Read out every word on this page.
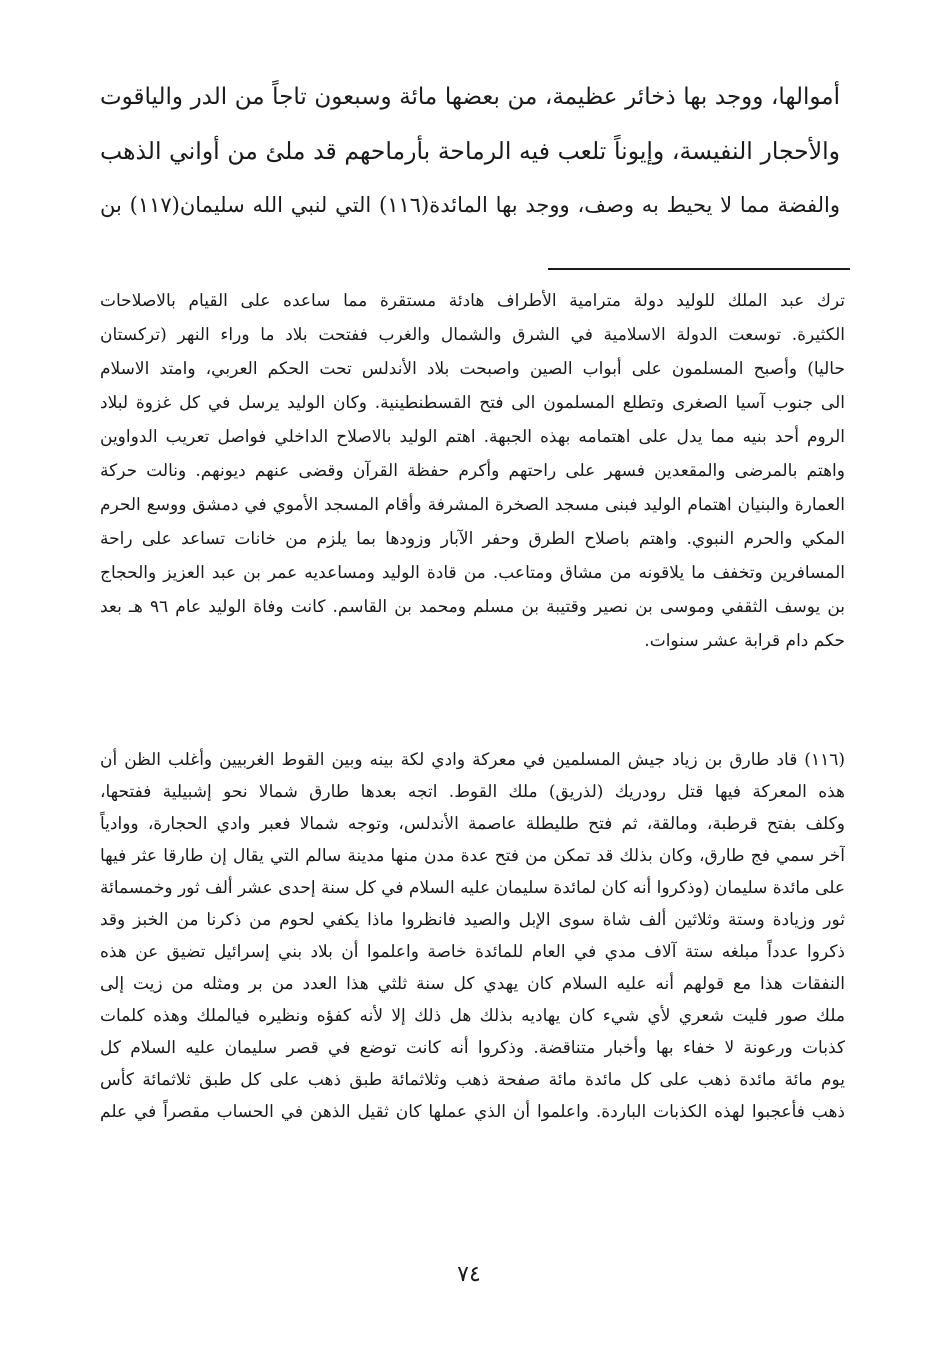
أموالها، ووجد بها ذخائر عظيمة، من بعضها مائة وسبعون تاجاً من الدر والياقوت
والأحجار النفيسة، وإيوناً تلعب فيه الرماحة بأرماحهم قد ملئ من أواني الذهب
والفضة مما لا يحيط به وصف، ووجد بها المائدة(١١٦) التي لنبي الله سليمان(١١٧) بن
ترك عبد الملك للوليد دولة مترامية الأطراف هادئة مستقرة مما ساعده على القيام بالاصلاحات
الكثيرة. توسعت الدولة الاسلامية في الشرق والشمال والغرب ففتحت بلاد ما وراء النهر (تركستان
حاليا) وأصبح المسلمون على أبواب الصين واصبحت بلاد الأندلس تحت الحكم العربي، وامتد الاسلام
الى جنوب آسيا الصغرى وتطلع المسلمون الى فتح القسطنطينية. وكان الوليد يرسل في كل غزوة لبلاد
الروم أحد بنيه مما يدل على اهتمامه بهذه الجبهة. اهتم الوليد بالاصلاح الداخلي فواصل تعريب الدواوين
واهتم بالمرضى والمقعدين فسهر على راحتهم وأكرم حفظة القرآن وقضى عنهم ديونهم. ونالت حركة
العمارة والبنيان اهتمام الوليد فبنى مسجد الصخرة المشرفة وأقام المسجد الأموي في دمشق ووسع الحرم
المكي والحرم النبوي. واهتم باصلاح الطرق وحفر الآبار وزودها بما يلزم من خانات تساعد على راحة
المسافرين وتخفف ما يلاقونه من مشاق ومتاعب. من قادة الوليد ومساعديه عمر بن عبد العزيز والحجاج
بن يوسف الثقفي وموسى بن نصير وقتيبة بن مسلم ومحمد بن القاسم. كانت وفاة الوليد عام ٩٦ هـ بعد
حكم دام قرابة عشر سنوات.
(١١٦) قاد طارق بن زياد جيش المسلمين في معركة وادي لكة بينه وبين القوط الغربيين وأغلب الظن أن
هذه المعركة فيها قتل رودريك (لذريق) ملك القوط. اتجه بعدها طارق شمالا نحو إشبيلية ففتحها،
وكلف بفتح قرطبة، ومالقة، ثم فتح طليطلة عاصمة الأندلس، وتوجه شمالا فعبر وادي الحجارة، ووادياً
آخر سمي فج طارق، وكان بذلك قد تمكن من فتح عدة مدن منها مدينة سالم التي يقال إن طارقا عثر فيها
على مائدة سليمان (وذكروا أنه كان لمائدة سليمان عليه السلام في كل سنة إحدى عشر ألف ثور وخمسمائة
ثور وزيادة وستة وثلاثين ألف شاة سوى الإبل والصيد فانظروا ماذا يكفي لحوم من ذكرنا من الخبز وقد
ذكروا عدداً مبلغه ستة آلاف مدي في العام للمائدة خاصة واعلموا أن بلاد بني إسرائيل تضيق عن هذه
النفقات هذا مع قولهم أنه عليه السلام كان يهدي كل سنة ثلثي هذا العدد من بر ومثله من زيت إلى
ملك صور فليت شعري لأي شيء كان يهاديه بذلك هل ذلك إلا لأنه كفؤه ونظيره فيالملك وهذه كلمات
كذبات ورعونة لا خفاء بها وأخبار متناقضة. وذكروا أنه كانت توضع في قصر سليمان عليه السلام كل
يوم مائة مائدة ذهب على كل مائدة مائة صفحة ذهب وثلاثمائة طبق ذهب على كل طبق ثلاثمائة كأس
ذهب فأعجبوا لهذه الكذبات الباردة. واعلموا أن الذي عملها كان ثقيل الذهن في الحساب مقصراً في علم
٧٤
